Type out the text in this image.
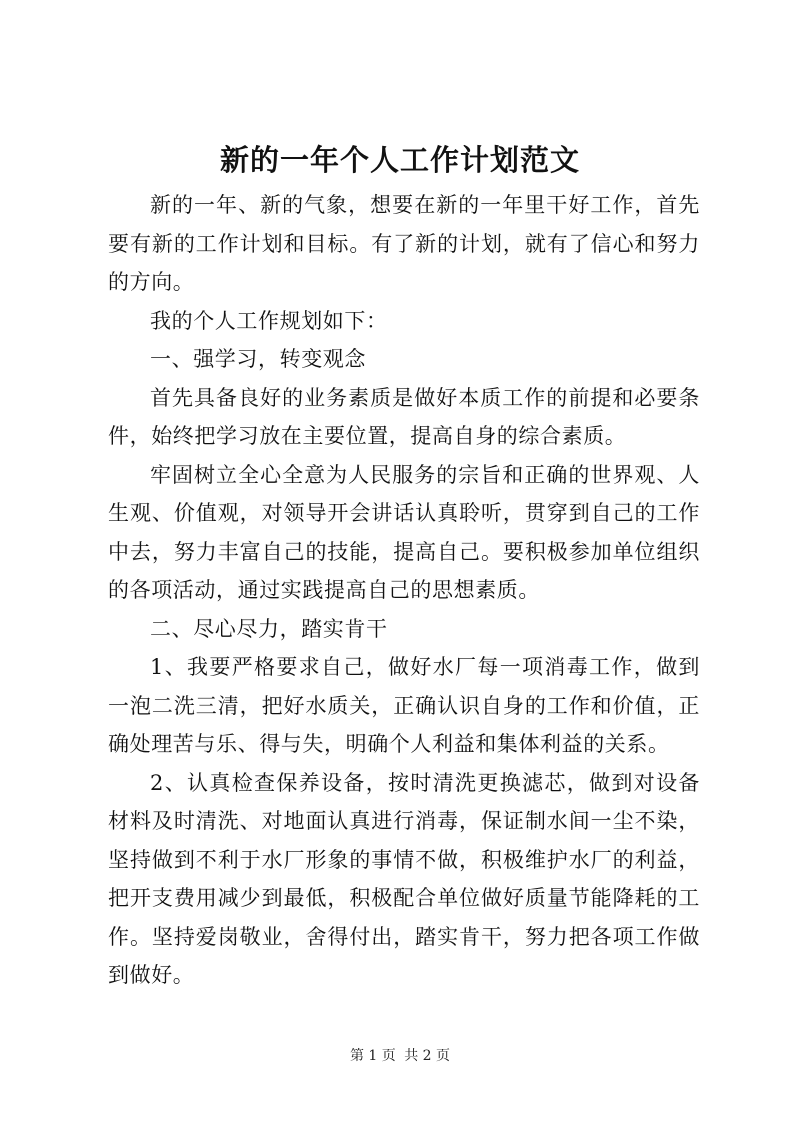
新的一年个人工作计划范文

新的一年、新的气象，想要在新的一年里干好工作，首先要有新的工作计划和目标。有了新的计划，就有了信心和努力的方向。

我的个人工作规划如下：

一、强学习，转变观念

首先具备良好的业务素质是做好本质工作的前提和必要条件，始终把学习放在主要位置，提高自身的综合素质。

牢固树立全心全意为人民服务的宗旨和正确的世界观、人生观、价值观，对领导开会讲话认真聆听，贯穿到自己的工作中去，努力丰富自己的技能，提高自己。要积极参加单位组织的各项活动，通过实践提高自己的思想素质。

二、尽心尽力，踏实肯干

1、我要严格要求自己，做好水厂每一项消毒工作，做到一泡二洗三清，把好水质关，正确认识自身的工作和价值，正确处理苦与乐、得与失，明确个人利益和集体利益的关系。

2、认真检查保养设备，按时清洗更换滤芯，做到对设备材料及时清洗、对地面认真进行消毒，保证制水间一尘不染，坚持做到不利于水厂形象的事情不做，积极维护水厂的利益，把开支费用减少到最低，积极配合单位做好质量节能降耗的工作。坚持爱岗敬业，舍得付出，踏实肯干，努力把各项工作做到做好。

第 1 页 共 2 页
